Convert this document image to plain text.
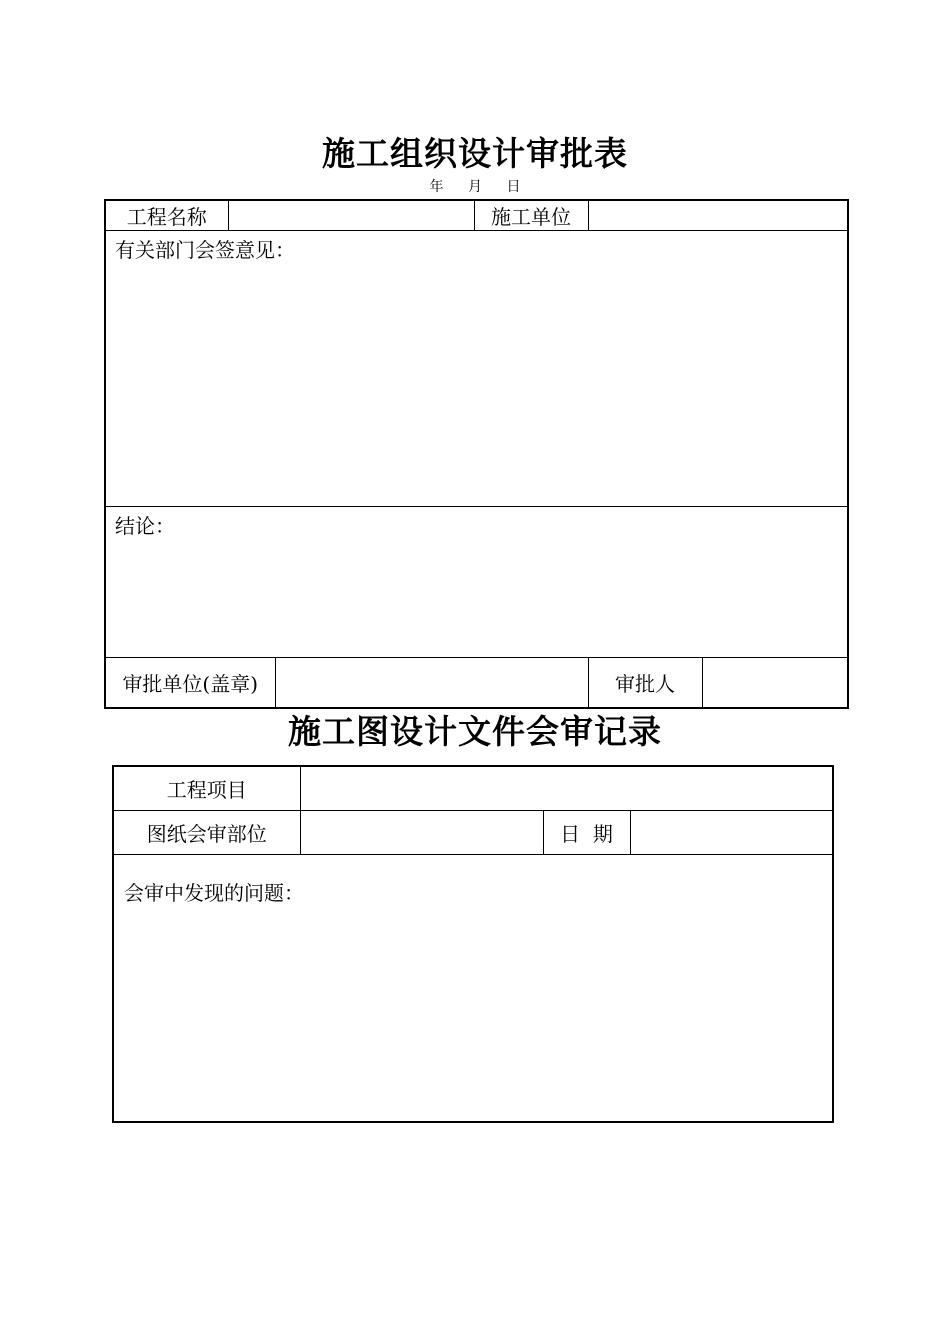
施工组织设计审批表
年 月 日
工程名称			施工单位		
有关部门会签意见：					
结论：					
审批单位(盖章)				审批人	
施工图设计文件会审记录
工程项目			
图纸会审部位		日  期	
会审中发现的问题：			
